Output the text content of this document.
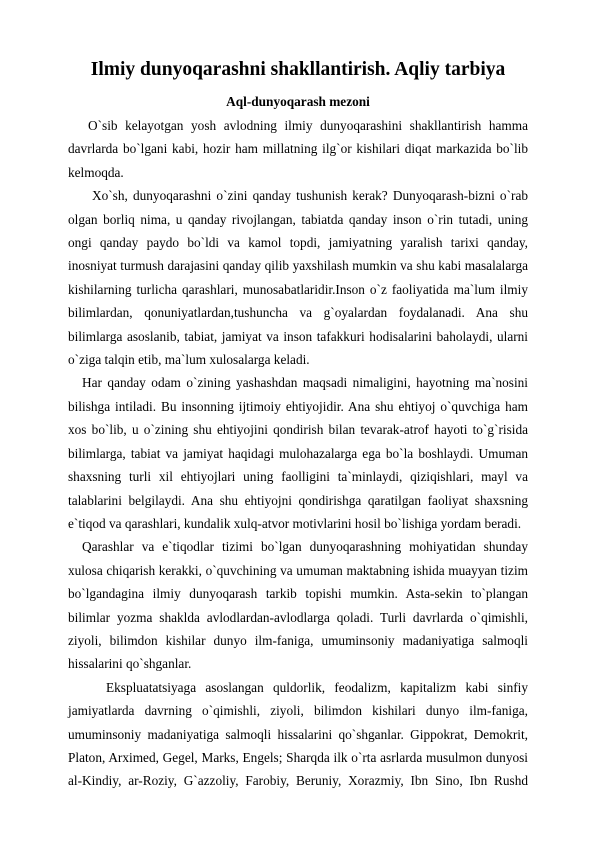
Ilmiy dunyoqarashni shakllantirish. Aqliy tarbiya
Aql-dunyoqarash mezoni

O`sib kelayotgan yosh avlodning ilmiy dunyoqarashini shakllantirish hamma davrlarda bo`lgani kabi, hozir ham millatning ilg`or kishilari diqat markazida bo`lib kelmoqda.

Xo`sh, dunyoqarashni o`zini qanday tushunish kerak? Dunyoqarash-bizni o`rab olgan borliq nima, u qanday rivojlangan, tabiatda qanday inson o`rin tutadi, uning ongi qanday paydo bo`ldi va kamol topdi, jamiyatning yaralish tarixi qanday, inosniyat turmush darajasini qanday qilib yaxshilash mumkin va shu kabi masalalarga kishilarning turlicha qarashlari, munosabatlaridir.Inson o`z faoliyatida ma`lum ilmiy bilimlardan, qonuniyatlardan,tushuncha va g`oyalardan foydalanadi. Ana shu bilimlarga asoslanib, tabiat, jamiyat va inson tafakkuri hodisalarini baholaydi, ularni o`ziga talqin etib, ma`lum xulosalarga keladi.

Har qanday odam o`zining yashashdan maqsadi nimaligini, hayotning ma`nosini bilishga intiladi. Bu insonning ijtimoiy ehtiyojidir. Ana shu ehtiyoj o`quvchiga ham xos bo`lib, u o`zining shu ehtiyojini qondirish bilan tevarak-atrof hayoti to`g`risida bilimlarga, tabiat va jamiyat haqidagi mulohazalarga ega bo`la boshlaydi. Umuman shaxsning turli xil ehtiyojlari uning faolligini ta`minlaydi, qiziqishlari, mayl va talablarini belgilaydi. Ana shu ehtiyojni qondirishga qaratilgan faoliyat shaxsning e`tiqod va qarashlari, kundalik xulq-atvor motivlarini hosil bo`lishiga yordam beradi.

Qarashlar va e`tiqodlar tizimi bo`lgan dunyoqarashning mohiyatidan shunday xulosa chiqarish kerakki, o`quvchining va umuman maktabning ishida muayyan tizim bo`lgandagina ilmiy dunyoqarash tarkib topishi mumkin. Asta-sekin to`plangan bilimlar yozma shaklda avlodlardan-avlodlarga qoladi. Turli davrlarda o`qimishli, ziyoli, bilimdon kishilar dunyo ilm-faniga, umuminsoniy madaniyatiga salmoqli hissalarini qo`shganlar.

Ekspluatatsiyaga asoslangan quldorlik, feodalizm, kapitalizm kabi sinfiy jamiyatlarda davrning o`qimishli, ziyoli, bilimdon kishilari dunyo ilm-faniga, umuminsoniy madaniyatiga salmoqli hissalarini qo`shganlar. Gippokrat, Demokrit, Platon, Arximed, Gegel, Marks, Engels; Sharqda ilk o`rta asrlarda musulmon dunyosi al-Kindiy, ar-Roziy, G`azzoliy, Farobiy, Beruniy, Xorazmiy, Ibn Sino, Ibn Rushd
